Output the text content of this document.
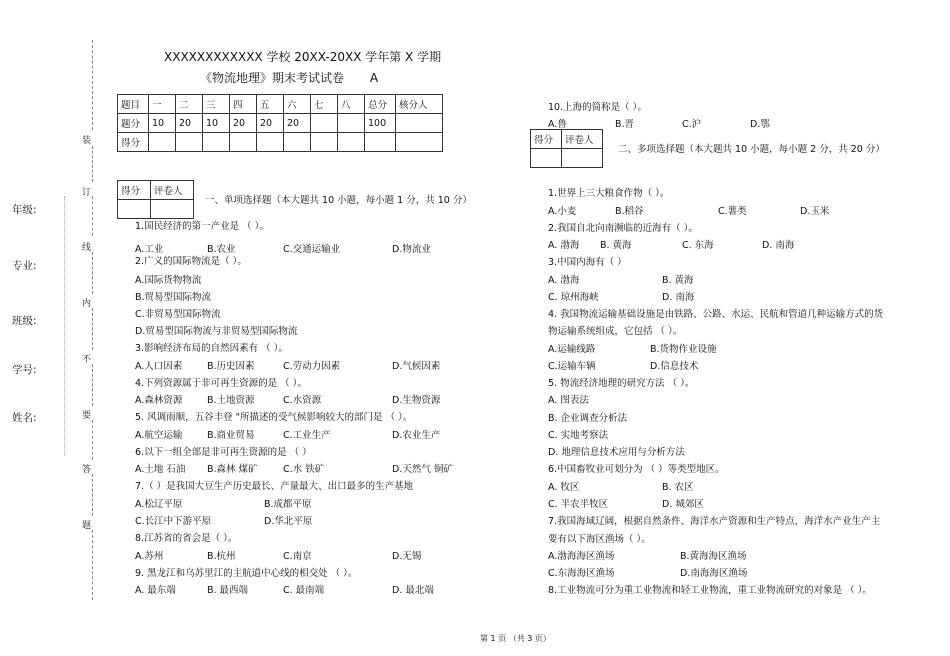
装
订
线
内
不
要
答
题
年级:
专业:
班级:
学号:
姓名:
XXXXXXXXXXXX 学校 20XX-20XX 学年第 X 学期
《物流地理》期末考试试卷 A
题目	一	二	三	四	五	六	七	八	总分	核分人
题分	10	20	10	20	20	20			100	
得分										
得分	评卷人

一、单项选择题（本大题共 10 小题，每小题 1 分，共 10 分）
1.国民经济的第一产业是 （ ）。
A.工业	B.农业	C.交通运输业	D.物流业
2.广义的国际物流是（ ）。
A.国际货物物流
B.贸易型国际物流
C.非贸易型国际物流
D.贸易型国际物流与非贸易型国际物流
3.影响经济布局的自然因素有 （ ）。
A.人口因素	B.历史因素	C.劳动力因素	D.气候因素
4.下列资源属于非可再生资源的是 （ ）。
A.森林资源	B.土地资源	C.水资源	D.生物资源
5. 风调雨顺，五谷丰登 "所描述的受气候影响较大的部门是 （ ）。
A.航空运输	B.商业贸易	C.工业生产	D.农业生产
6.以下一组全部是非可再生资源的是 （ ）
A.土地 石油 B.森林 煤矿	C.水 铁矿	D.天然气 铜矿
7.（ ）是我国大豆生产历史最长、产量最大、出口最多的生产基地
A.松辽平原	B.成都平原
C.长江中下游平原	D.华北平原
8.江苏省的省会是（ ）。
A.苏州	B.杭州	C.南京	D.无锡
9. 黑龙江和乌苏里江的主航道中心线的相交处 （ ）。
A. 最东端	B. 最西端	C. 最南端	D. 最北端
10.上海的简称是（ ）。
A.鲁	B.晋	C.沪	D.鄂
得分	评卷人

二、多项选择题（本大题共 10 小题，每小题 2 分，共 20 分）
1.世界上三大粮食作物（ ）。
A.小麦	B.稻谷	C.薯类	D.玉米
2.我国自北向南濒临的近海有（ ）。
A. 渤海 B. 黄海	C. 东海	D. 南海
3.中国内海有（ ）
A. 渤海	B. 黄海
C. 琼州海峡	D. 南海
4. 我国物流运输基础设施是由铁路、公路、水运、民航和管道几种运输方式的货
物运输系统组成，它包括 （ ）。
A.运输线路	B.货物作业设施
C.运输车辆	D.信息技术
5. 物流经济地理的研究方法 （ ）。
A. 图表法
B. 企业调查分析法
C. 实地考察法
D. 地理信息技术应用与分析方法
6.中国畜牧业可划分为 （ ）等类型地区。
A. 牧区	B. 农区
C. 半农半牧区	D. 城郊区
7.我国海域辽阔，根据自然条件、海洋水产资源和生产特点，海洋水产业生产主
要有以下海区渔场（ ）。
A.渤海海区渔场	B.黄海海区渔场
C.东海海区渔场	D.南海海区渔场
8.工业物流可分为重工业物流和轻工业物流，重工业物流研究的对象是 （ ）。
第 1 页 （共 3 页）
